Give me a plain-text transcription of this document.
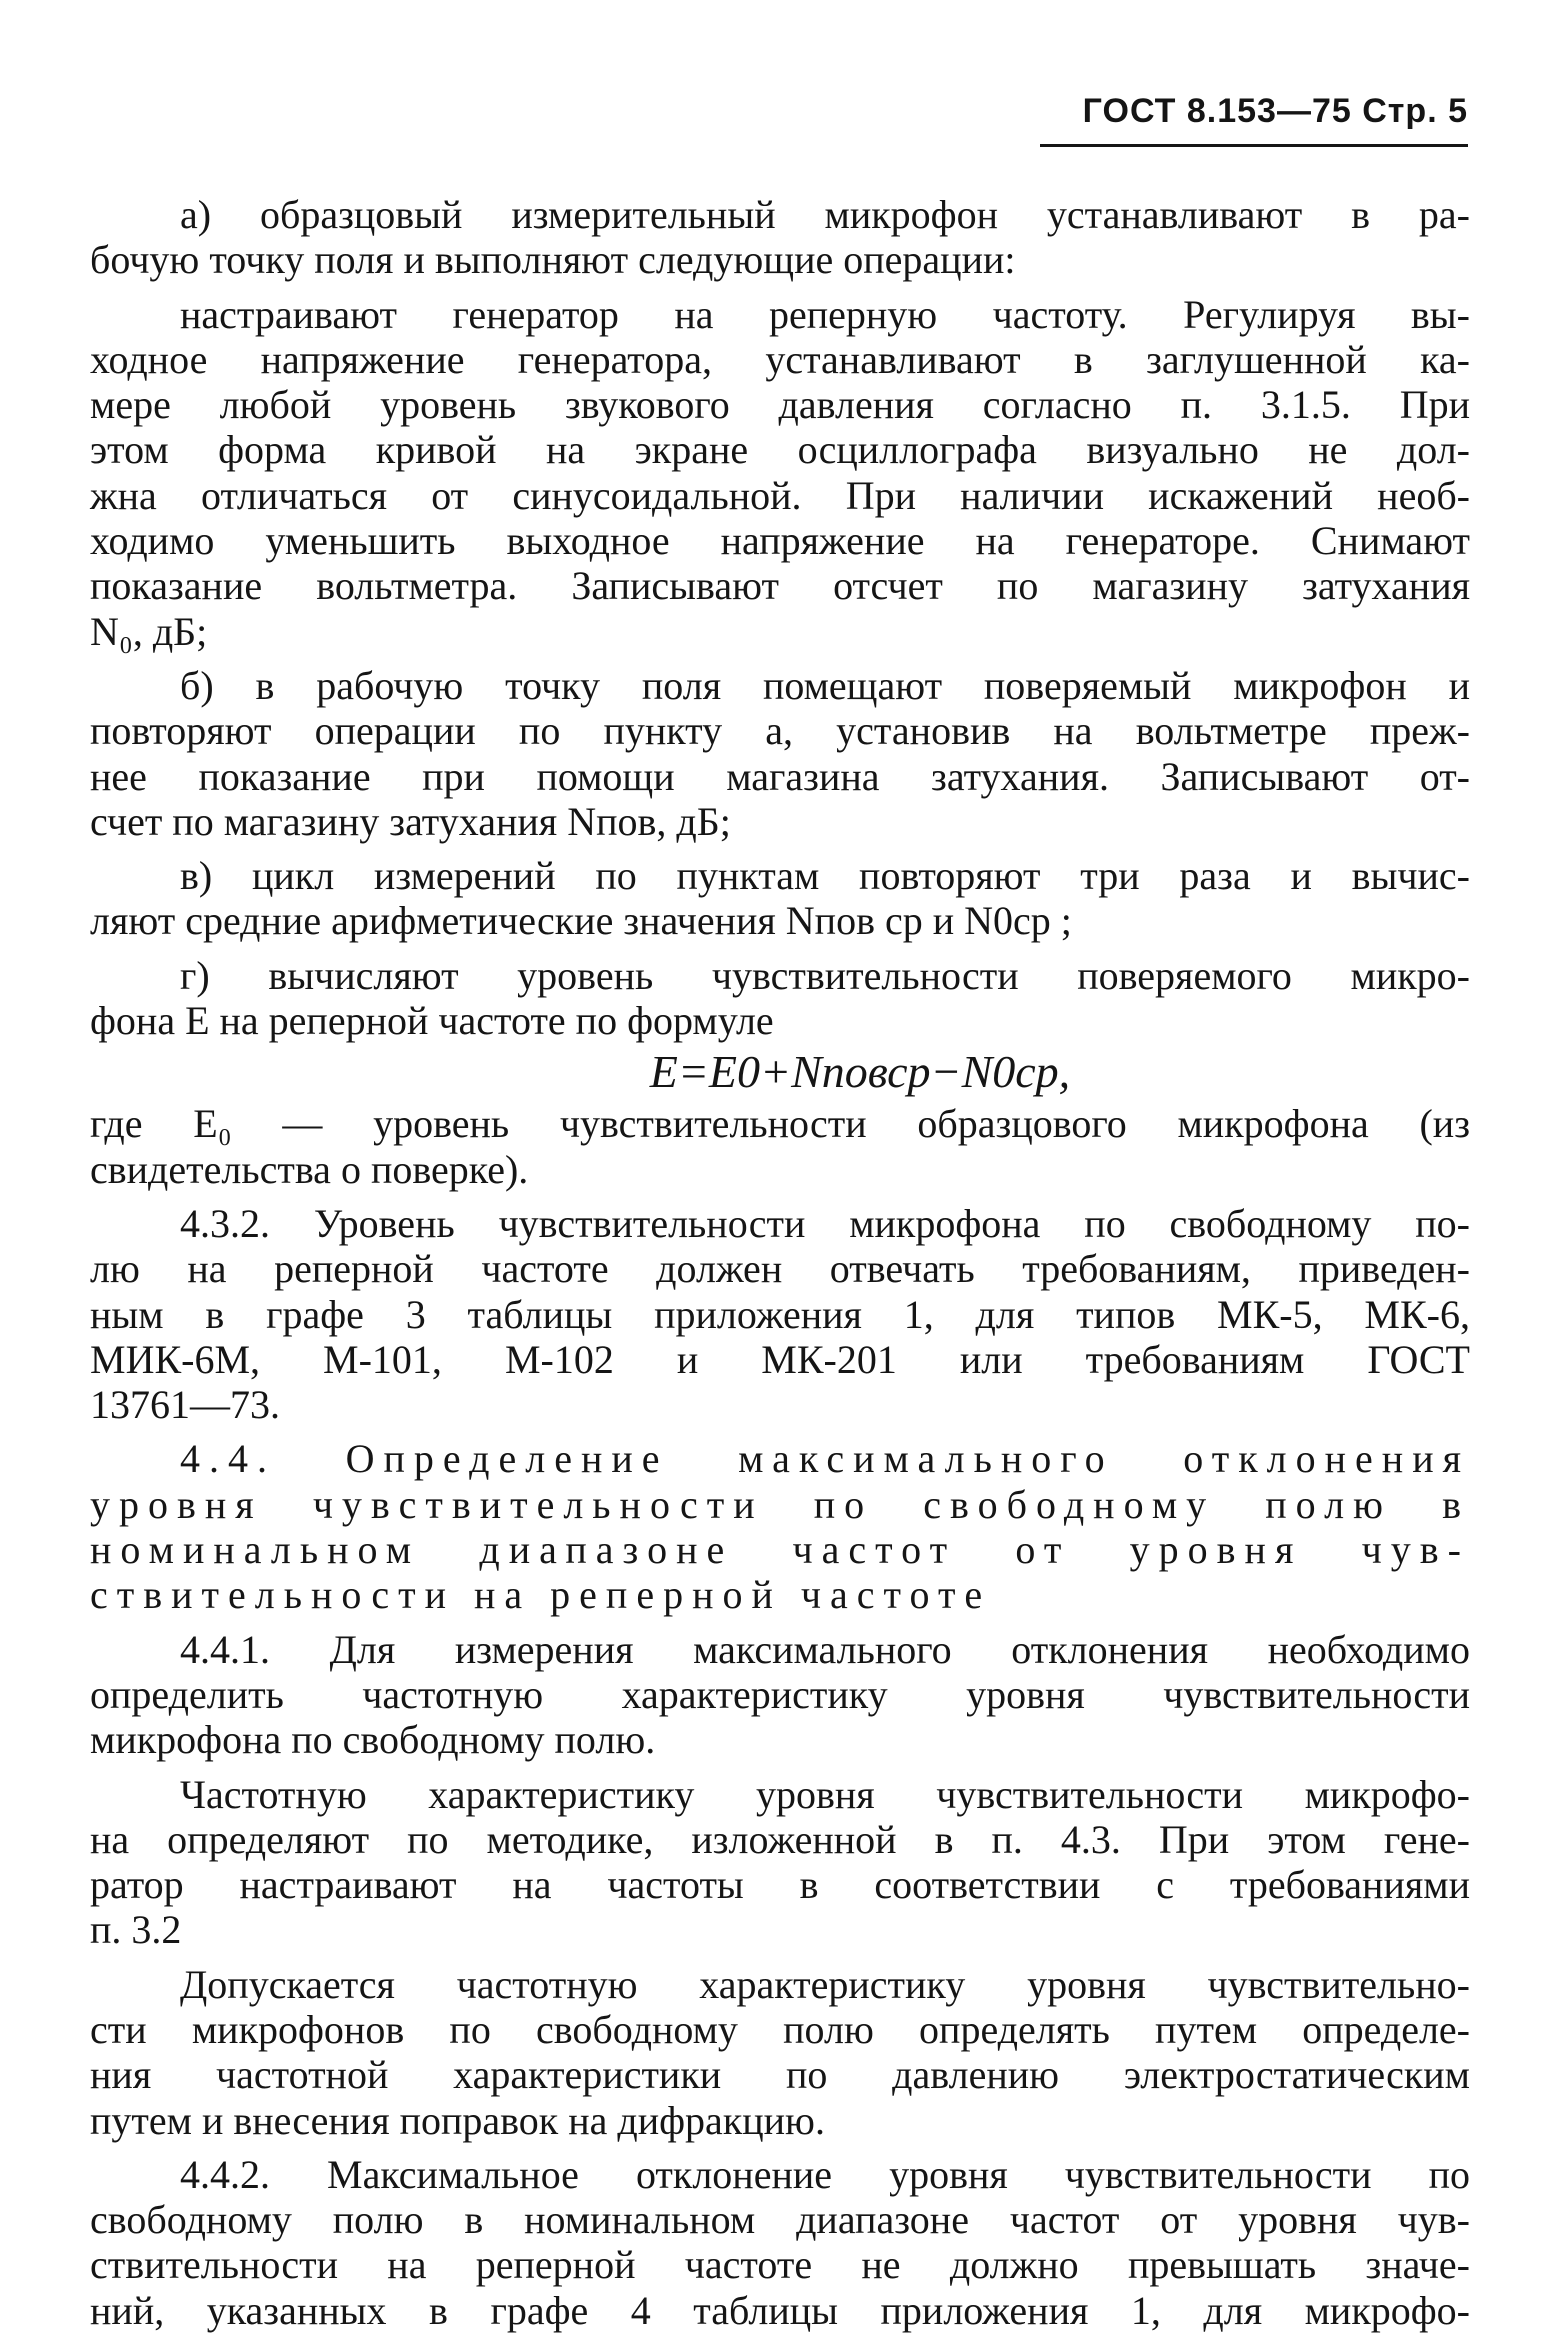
ГОСТ 8.153—75 Стр. 5
а) образцовый измерительный микрофон устанавливают в ра-
бочую точку поля и выполняют следующие операции:
настраивают генератор на реперную частоту. Регулируя вы-
ходное напряжение генератора, устанавливают в заглушенной ка-
мере любой уровень звукового давления согласно п. 3.1.5. При
этом форма кривой на экране осциллографа визуально не дол-
жна отличаться от синусоидальной. При наличии искажений необ-
ходимо уменьшить выходное напряжение на генераторе. Снимают
показание вольтметра. Записывают отсчет по магазину затухания
N₀, дБ;
б) в рабочую точку поля помещают поверяемый микрофон и
повторяют операции по пункту а, установив на вольтметре преж-
нее показание при помощи магазина затухания. Записывают от-
счет по магазину затухания Nпов, дБ;
в) цикл измерений по пунктам повторяют три раза и вычис-
ляют средние арифметические значения Nпов ср и N0ср ;
г) вычисляют уровень чувствительности поверяемого микро-
фона E на реперной частоте по формуле
E=E0+Nповср−N0ср,
где E₀ — уровень чувствительности образцового микрофона (из
свидетельства о поверке).
4.3.2. Уровень чувствительности микрофона по свободному по-
лю на реперной частоте должен отвечать требованиям, приведен-
ным в графе 3 таблицы приложения 1, для типов МК-5, МК-6,
МИК-6М, М-101, М-102 и МК-201 или требованиям ГОСТ
13761—73.
4.4. Определение максимального отклонения
уровня чувствительности по свободному полю в
номинальном диапазоне частот от уровня чув-
ствительности на реперной частоте
4.4.1. Для измерения максимального отклонения необходимо
определить частотную характеристику уровня чувствительности
микрофона по свободному полю.
Частотную характеристику уровня чувствительности микрофо-
на определяют по методике, изложенной в п. 4.3. При этом гене-
ратор настраивают на частоты в соответствии с требованиями
п. 3.2
Допускается частотную характеристику уровня чувствительно-
сти микрофонов по свободному полю определять путем определе-
ния частотной характеристики по давлению электростатическим
путем и внесения поправок на дифракцию.
4.4.2. Максимальное отклонение уровня чувствительности по
свободному полю в номинальном диапазоне частот от уровня чув-
ствительности на реперной частоте не должно превышать значе-
ний, указанных в графе 4 таблицы приложения 1, для микрофо-
